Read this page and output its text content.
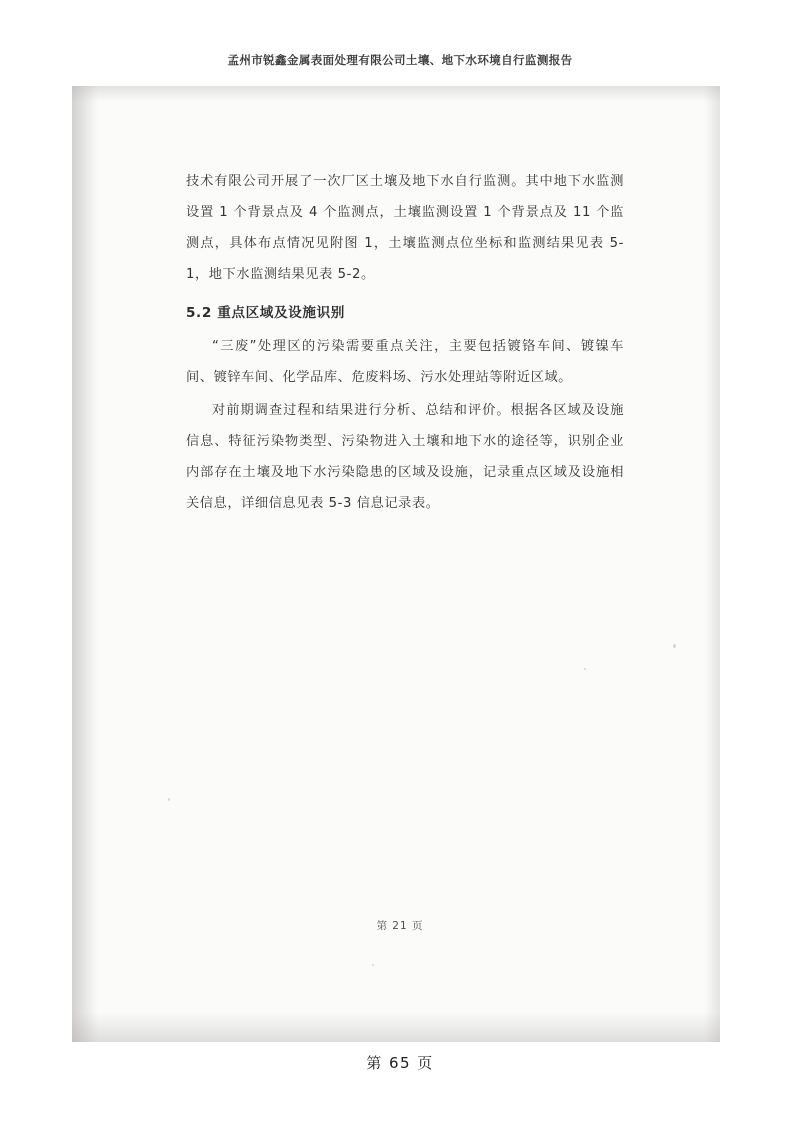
孟州市锐鑫金属表面处理有限公司土壤、地下水环境自行监测报告

技术有限公司开展了一次厂区土壤及地下水自行监测。其中地下水监测设置 1 个背景点及 4 个监测点，土壤监测设置 1 个背景点及 11 个监测点，具体布点情况见附图 1，土壤监测点位坐标和监测结果见表 5-1，地下水监测结果见表 5-2。

5.2 重点区域及设施识别

“三废”处理区的污染需要重点关注，主要包括镀铬车间、镀镍车间、镀锌车间、化学品库、危废料场、污水处理站等附近区域。

对前期调查过程和结果进行分析、总结和评价。根据各区域及设施信息、特征污染物类型、污染物进入土壤和地下水的途径等，识别企业内部存在土壤及地下水污染隐患的区域及设施，记录重点区域及设施相关信息，详细信息见表 5-3 信息记录表。

第 21 页
第 65 页
